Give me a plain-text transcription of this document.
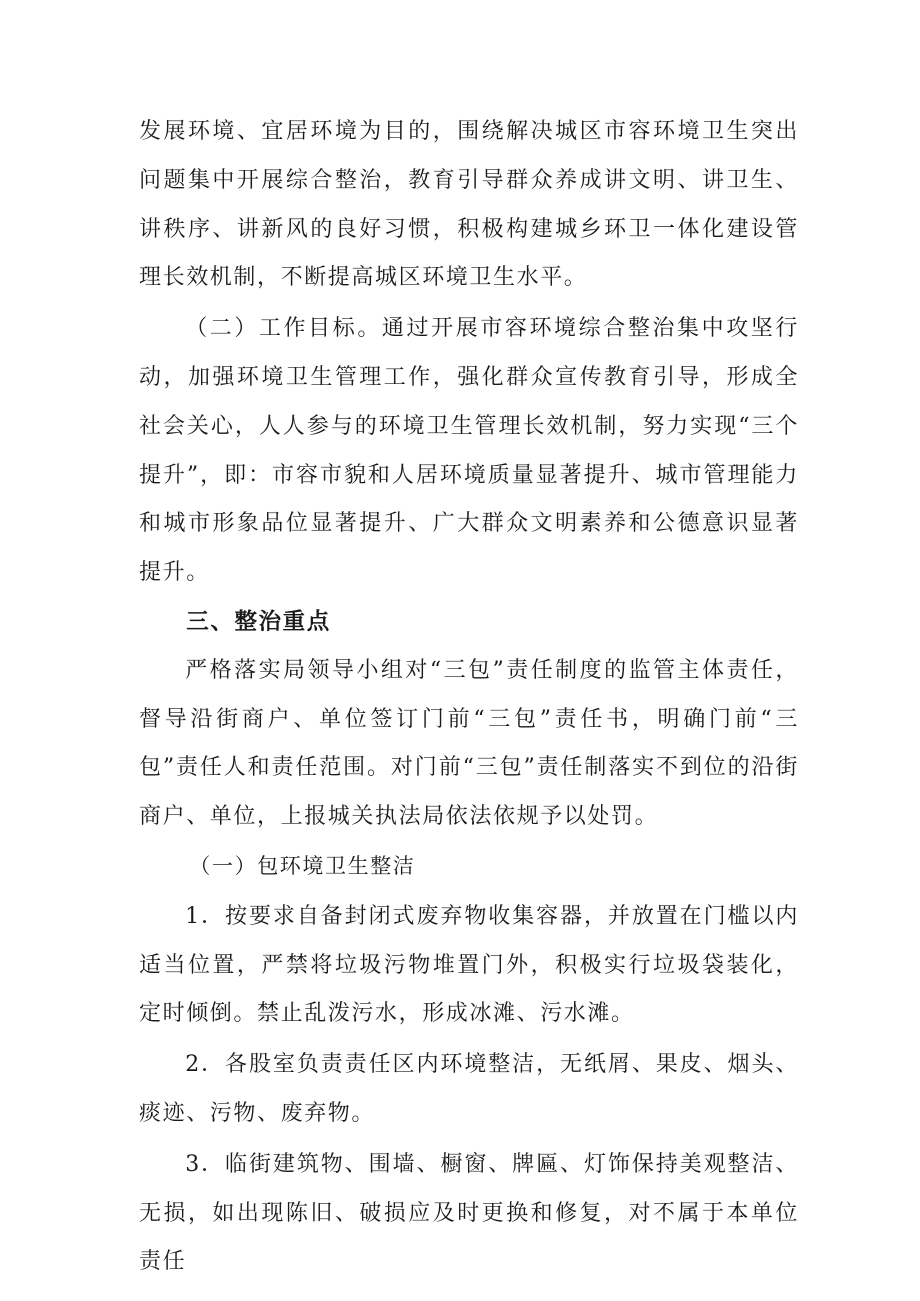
发展环境、宜居环境为目的，围绕解决城区市容环境卫生突出问题集中开展综合整治，教育引导群众养成讲文明、讲卫生、讲秩序、讲新风的良好习惯，积极构建城乡环卫一体化建设管理长效机制，不断提高城区环境卫生水平。

（二）工作目标。通过开展市容环境综合整治集中攻坚行动，加强环境卫生管理工作，强化群众宣传教育引导，形成全社会关心，人人参与的环境卫生管理长效机制，努力实现“三个提升”，即：市容市貌和人居环境质量显著提升、城市管理能力和城市形象品位显著提升、广大群众文明素养和公德意识显著提升。

三、整治重点

严格落实局领导小组对“三包”责任制度的监管主体责任，督导沿街商户、单位签订门前“三包”责任书，明确门前“三包”责任人和责任范围。对门前“三包”责任制落实不到位的沿街商户、单位，上报城关执法局依法依规予以处罚。

（一）包环境卫生整洁

1．按要求自备封闭式废弃物收集容器，并放置在门槛以内适当位置，严禁将垃圾污物堆置门外，积极实行垃圾袋装化，定时倾倒。禁止乱泼污水，形成冰滩、污水滩。

2．各股室负责责任区内环境整洁，无纸屑、果皮、烟头、痰迹、污物、废弃物。

3．临街建筑物、围墙、橱窗、牌匾、灯饰保持美观整洁、无损，如出现陈旧、破损应及时更换和修复，对不属于本单位责任
